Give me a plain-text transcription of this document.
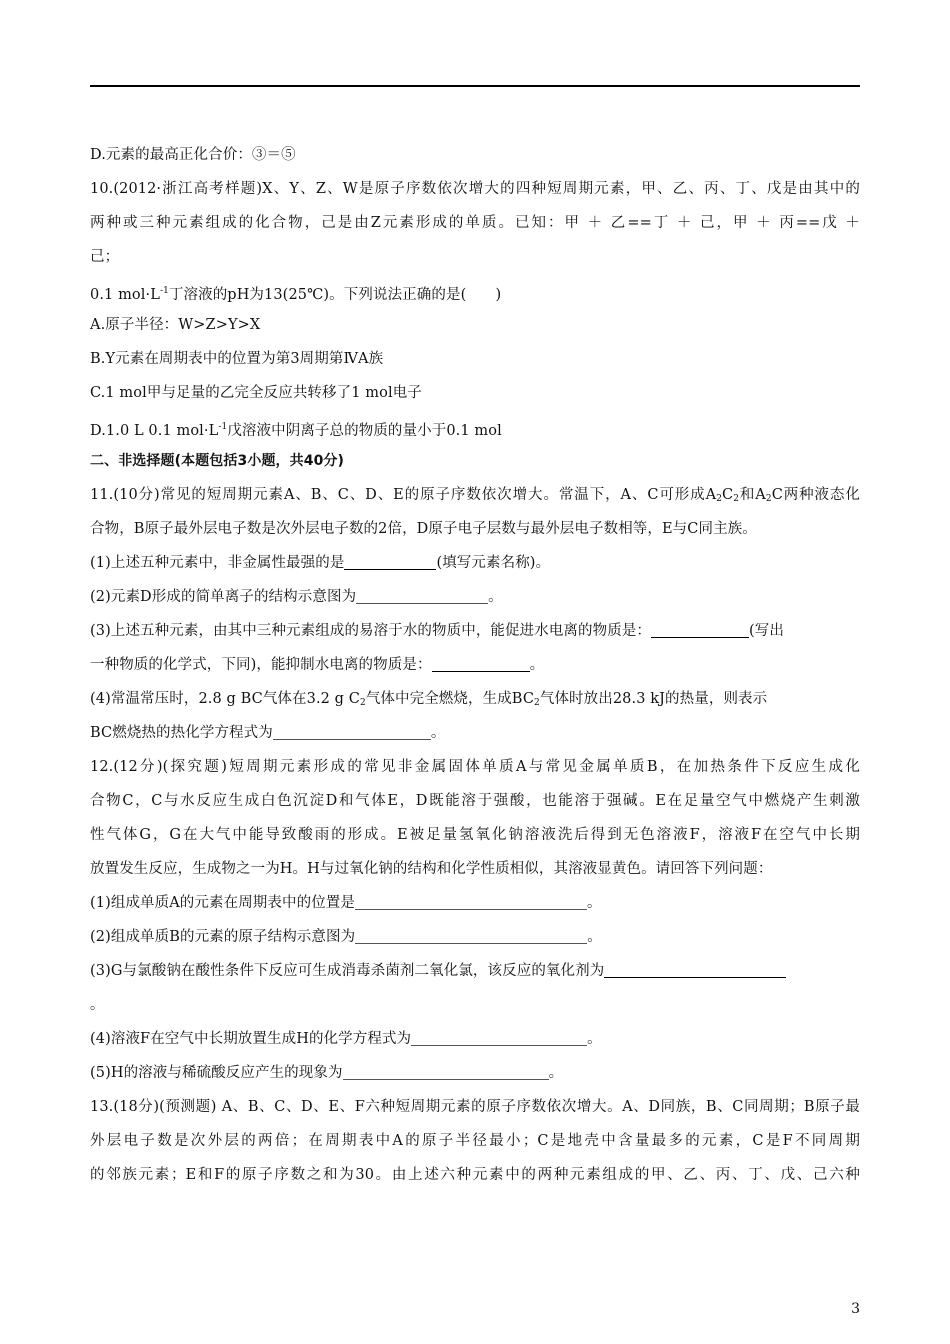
D.元素的最高正化合价：③＝⑤
10.(2012·浙江高考样题)X、Y、Z、W是原子序数依次增大的四种短周期元素，甲、乙、丙、丁、戊是由其中的
两种或三种元素组成的化合物，己是由Z元素形成的单质。已知：甲 ＋ 乙==丁 ＋ 己，甲 ＋ 丙==戊 ＋
己；
0.1 $mol\cdot L^{-1}$丁溶液的pH为13(25℃)。下列说法正确的是(　　)
A.原子半径：W>Z>Y>X
B.Y元素在周期表中的位置为第3周期第ⅣA族
C.1 mol甲与足量的乙完全反应共转移了1 mol电子
D.1.0 L 0.1 $mol\cdot L^{-1}$戊溶液中阴离子总的物质的量小于0.1 mol
二、非选择题(本题包括3小题，共40分)
11.(10分)常见的短周期元素A、B、C、D、E的原子序数依次增大。常温下，A、C可形成$A_2C_2$和$A_2C$两种液态化
合物，B原子最外层电子数是次外层电子数的2倍，D原子电子层数与最外层电子数相等，E与C同主族。
(1)上述五种元素中，非金属性最强的是	(填写元素名称)。
(2)元素D形成的简单离子的结构示意图为	。
(3)上述五种元素，由其中三种元素组成的易溶于水的物质中，能促进水电离的物质是：	(写出
一种物质的化学式，下同)，能抑制水电离的物质是：	。
(4)常温常压时，2.8 g BC气体在3.2 g $C_2$气体中完全燃烧，生成$BC_2$气体时放出28.3 kJ的热量，则表示
BC燃烧热的热化学方程式为	。
12.(12分)(探究题)短周期元素形成的常见非金属固体单质A与常见金属单质B，在加热条件下反应生成化
合物C，C与水反应生成白色沉淀D和气体E，D既能溶于强酸，也能溶于强碱。E在足量空气中燃烧产生刺激
性气体G，G在大气中能导致酸雨的形成。E被足量氢氧化钠溶液洗后得到无色溶液F，溶液F在空气中长期
放置发生反应，生成物之一为H。H与过氧化钠的结构和化学性质相似，其溶液显黄色。请回答下列问题：
(1)组成单质A的元素在周期表中的位置是	。
(2)组成单质B的元素的原子结构示意图为	。
(3)G与氯酸钠在酸性条件下反应可生成消毒杀菌剂二氧化氯，该反应的氧化剂为
。
(4)溶液F在空气中长期放置生成H的化学方程式为	。
(5)H的溶液与稀硫酸反应产生的现象为	。
13.(18分)(预测题) A、B、C、D、E、F六种短周期元素的原子序数依次增大。A、D同族，B、C同周期；B原子最
外层电子数是次外层的两倍；在周期表中A的原子半径最小；C是地壳中含量最多的元素，C是F不同周期
的邻族元素；E和F的原子序数之和为30。由上述六种元素中的两种元素组成的甲、乙、丙、丁、戊、己六种
3
